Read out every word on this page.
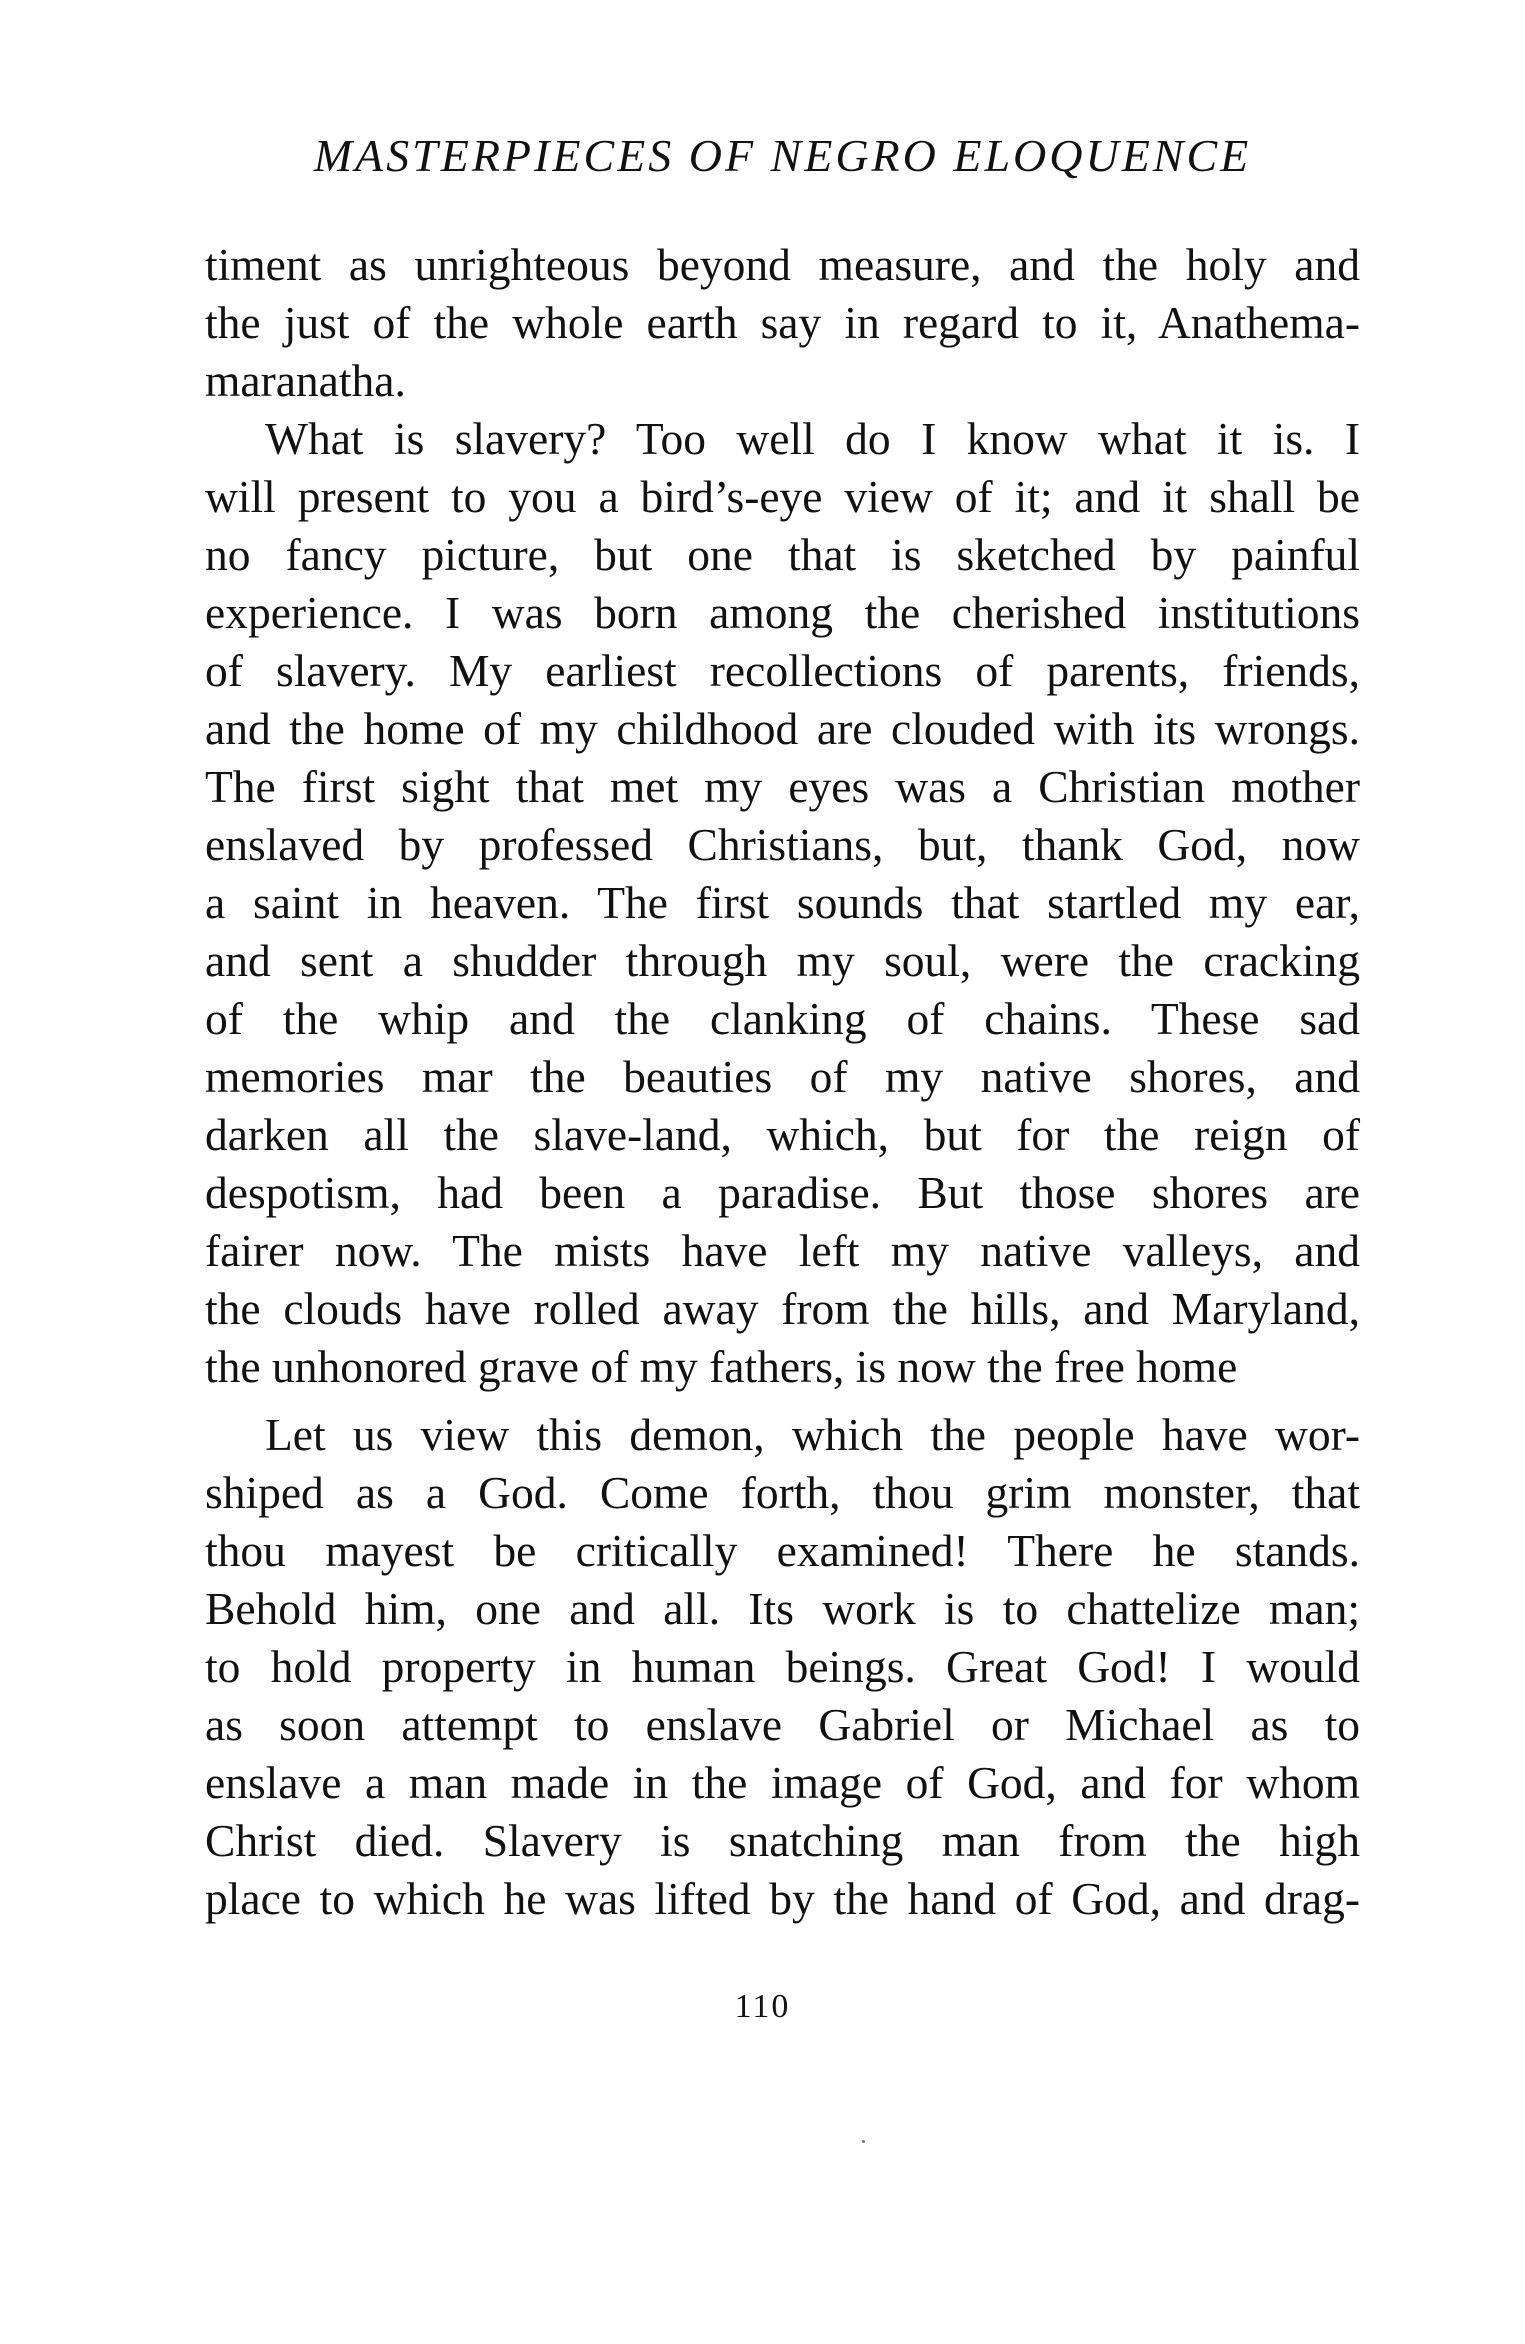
MASTERPIECES OF NEGRO ELOQUENCE
timent as unrighteous beyond measure, and the holy and
the just of the whole earth say in regard to it, Anathema-
maranatha.
What is slavery? Too well do I know what it is. I
will present to you a bird’s-eye view of it; and it shall be
no fancy picture, but one that is sketched by painful
experience. I was born among the cherished institutions
of slavery. My earliest recollections of parents, friends,
and the home of my childhood are clouded with its wrongs.
The first sight that met my eyes was a Christian mother
enslaved by professed Christians, but, thank God, now
a saint in heaven. The first sounds that startled my ear,
and sent a shudder through my soul, were the cracking
of the whip and the clanking of chains. These sad
memories mar the beauties of my native shores, and
darken all the slave-land, which, but for the reign of
despotism, had been a paradise. But those shores are
fairer now. The mists have left my native valleys, and
the clouds have rolled away from the hills, and Maryland,
the unhonored grave of my fathers, is now the free home
Let us view this demon, which the people have wor-
shiped as a God. Come forth, thou grim monster, that
thou mayest be critically examined! There he stands.
Behold him, one and all. Its work is to chattelize man;
to hold property in human beings. Great God! I would
as soon attempt to enslave Gabriel or Michael as to
enslave a man made in the image of God, and for whom
Christ died. Slavery is snatching man from the high
place to which he was lifted by the hand of God, and drag-
110
